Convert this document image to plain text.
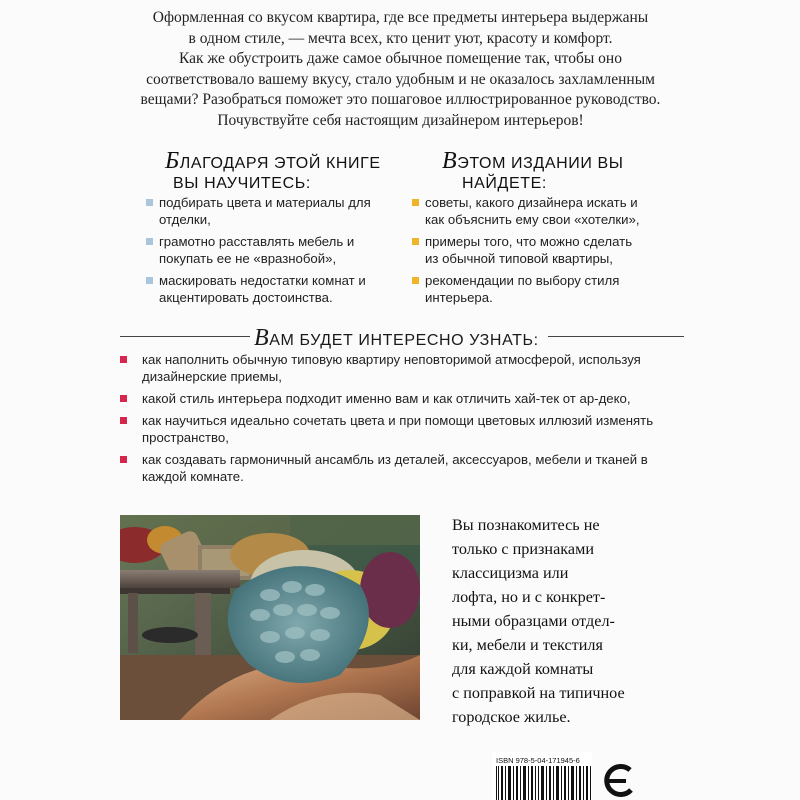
Оформленная со вкусом квартира, где все предметы интерьера выдержаны
в одном стиле, — мечта всех, кто ценит уют, красоту и комфорт.
Как же обустроить даже самое обычное помещение так, чтобы оно
соответствовало вашему вкусу, стало удобным и не оказалось захламленным
вещами? Разобраться поможет это пошаговое иллюстрированное руководство.
Почувствуйте себя настоящим дизайнером интерьеров!
БЛАГОДАРЯ ЭТОЙ КНИГЕ
ВЫ НАУЧИТЕСЬ:
подбирать цвета и материалы для
отделки,
грамотно расставлять мебель и
покупать ее не «вразнобой»,
маскировать недостатки комнат и
акцентировать достоинства.
ВЭТОМ ИЗДАНИИ ВЫ
НАЙДЕТЕ:
советы, какого дизайнера искать и
как объяснить ему свои «хотелки»,
примеры того, что можно сделать
из обычной типовой квартиры,
рекомендации по выбору стиля
интерьера.
ВАМ БУДЕТ ИНТЕРЕСНО УЗНАТЬ:
как наполнить обычную типовую квартиру неповторимой атмосферой, используя
дизайнерские приемы,
какой стиль интерьера подходит именно вам и как отличить хай-тек от ар-деко,
как научиться идеально сочетать цвета и при помощи цветовых иллюзий изменять
пространство,
как создавать гармоничный ансамбль из деталей, аксессуаров, мебели и тканей в
каждой комнате.
Вы познакомитесь не
только с признаками
классицизма или
лофта, но и с конкрет-
ными образцами отдел-
ки, мебели и текстиля
для каждой комнаты
с поправкой на типичное
городское жилье.
ISBN 978-5-04-171945-6
